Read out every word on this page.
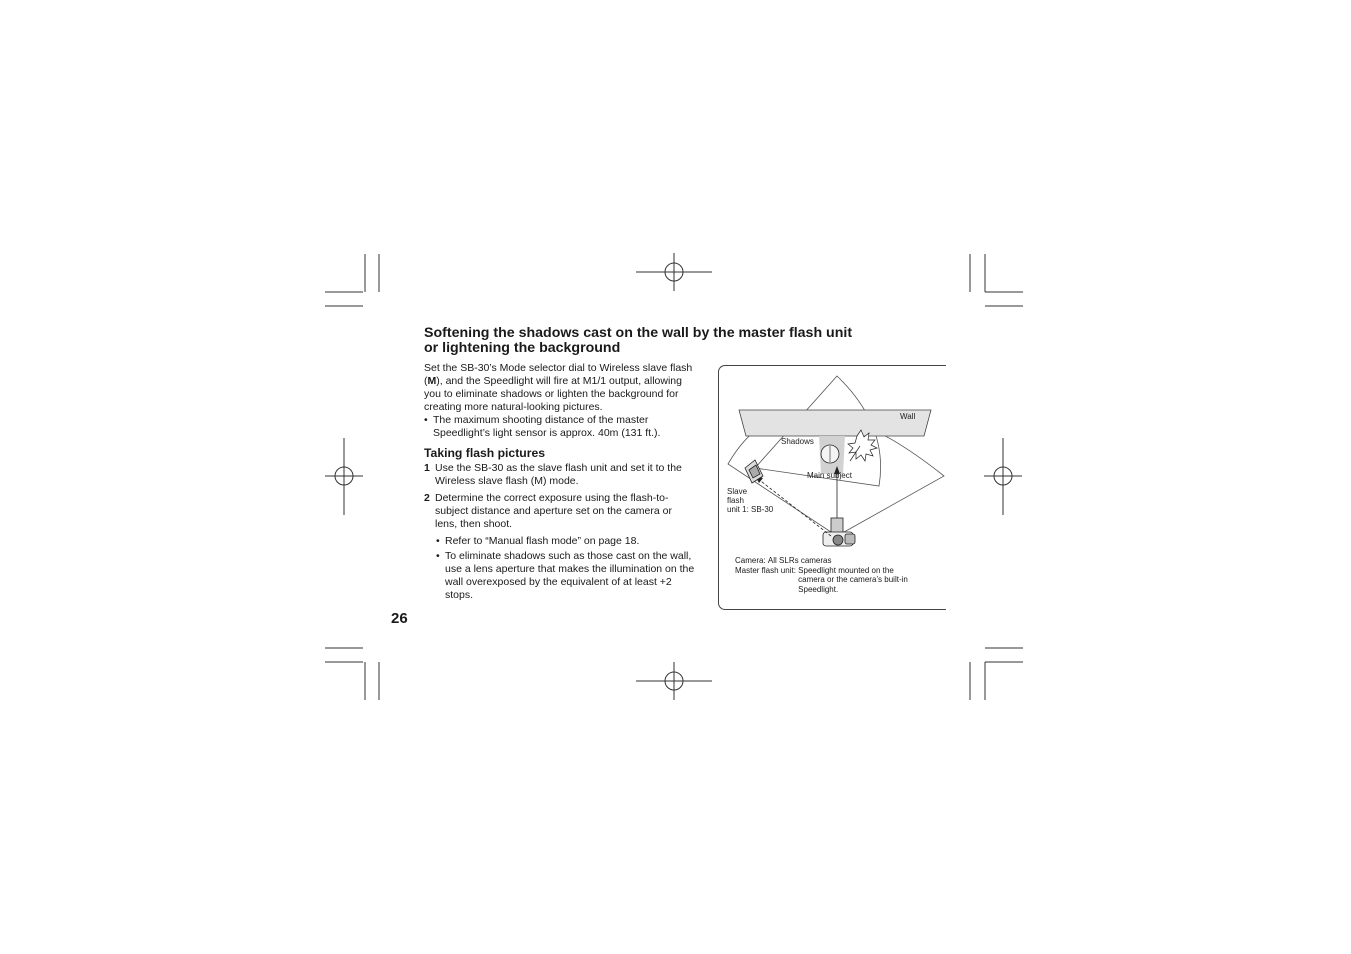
Softening the shadows cast on the wall by the master flash unit
or lightening the background

Set the SB-30’s Mode selector dial to Wireless slave flash (M), and the Speedlight will fire at M1/1 output, allowing you to eliminate shadows or lighten the background for creating more natural-looking pictures.

• The maximum shooting distance of the master Speedlight’s light sensor is approx. 40m (131 ft.).
Taking flash pictures
1 Use the SB-30 as the slave flash unit and set it to the Wireless slave flash (M) mode.
2 Determine the correct exposure using the flash-to-subject distance and aperture set on the camera or lens, then shoot.
• Refer to “Manual flash mode” on page 18.
• To eliminate shadows such as those cast on the wall, use a lens aperture that makes the illumination on the wall overexposed by the equivalent of at least +2 stops.
26
Wall
Shadows
Main subject
Slave
flash
unit 1: SB-30
Camera:
All SLRs cameras
Master flash unit:
Speedlight mounted on the camera or the camera’s built-in Speedlight.
